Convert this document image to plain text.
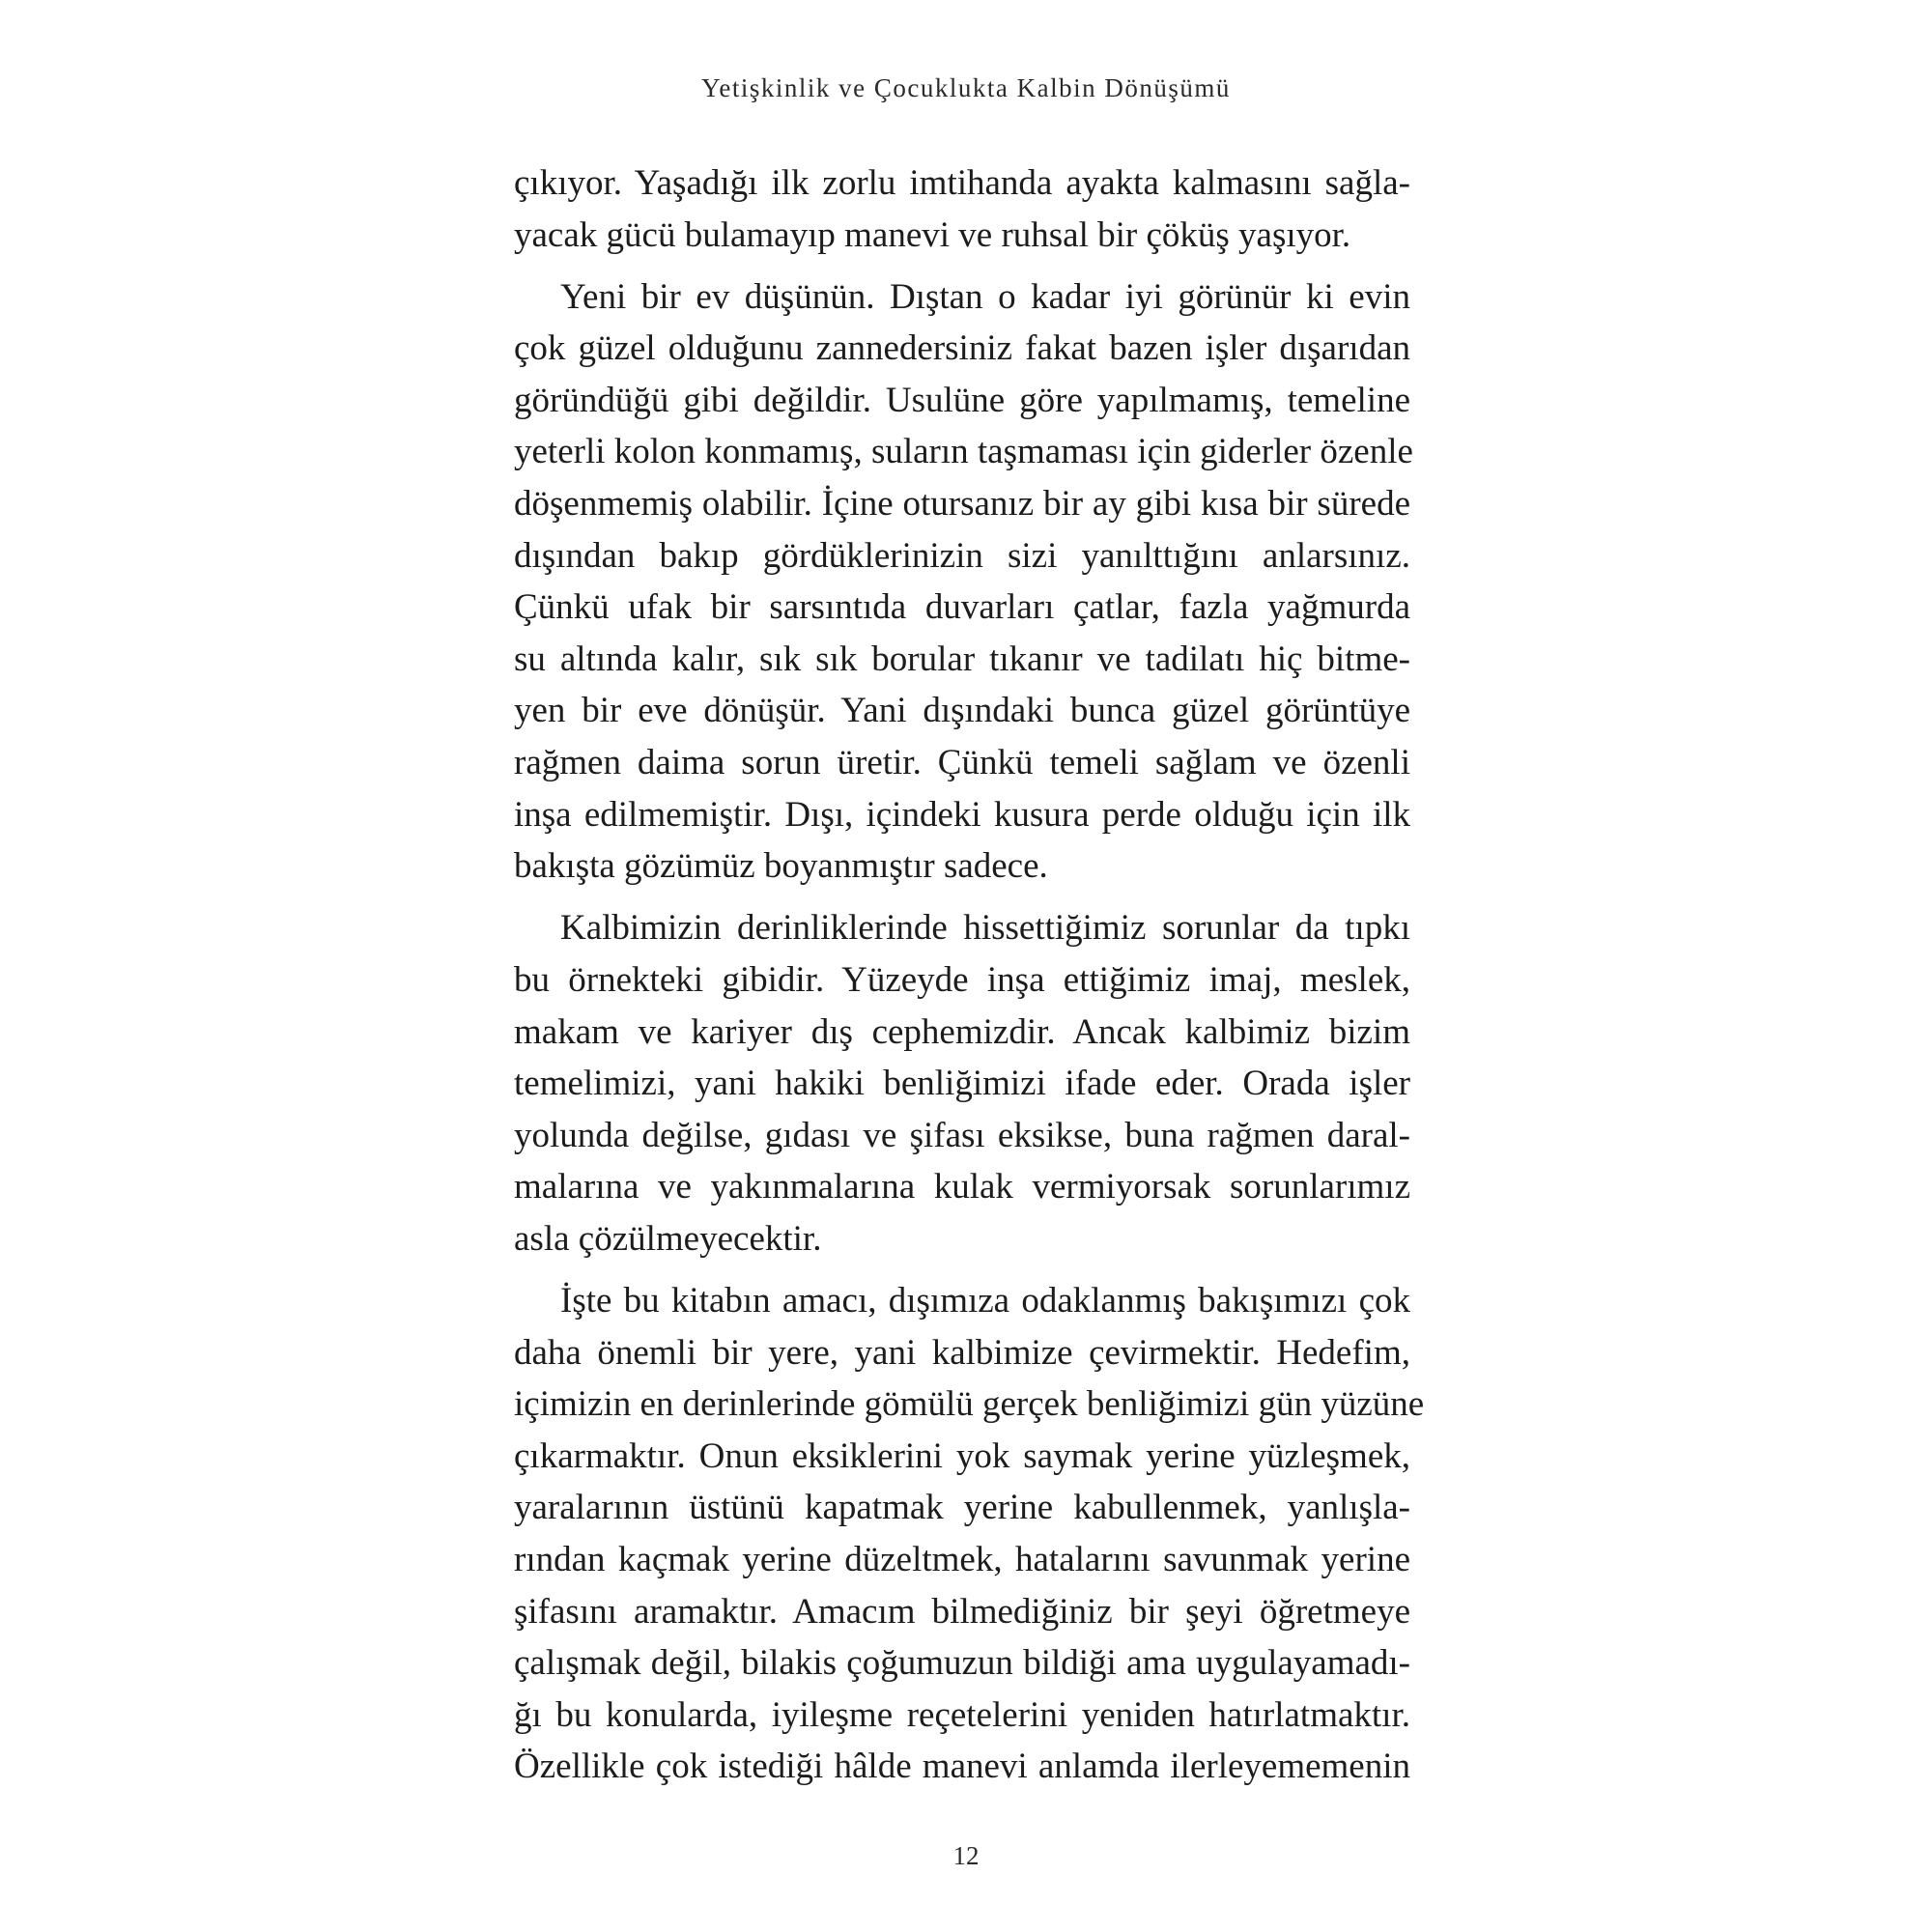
Yetişkinlik ve Çocuklukta Kalbin Dönüşümü
çıkıyor. Yaşadığı ilk zorlu imtihanda ayakta kalmasını sağla-
yacak gücü bulamayıp manevi ve ruhsal bir çöküş yaşıyor.
Yeni bir ev düşünün. Dıştan o kadar iyi görünür ki evin
çok güzel olduğunu zannedersiniz fakat bazen işler dışarıdan
göründüğü gibi değildir. Usulüne göre yapılmamış, temeline
yeterli kolon konmamış, suların taşmaması için giderler özenle
döşenmemiş olabilir. İçine otursanız bir ay gibi kısa bir sürede
dışından bakıp gördüklerinizin sizi yanılttığını anlarsınız.
Çünkü ufak bir sarsıntıda duvarları çatlar, fazla yağmurda
su altında kalır, sık sık borular tıkanır ve tadilatı hiç bitme-
yen bir eve dönüşür. Yani dışındaki bunca güzel görüntüye
rağmen daima sorun üretir. Çünkü temeli sağlam ve özenli
inşa edilmemiştir. Dışı, içindeki kusura perde olduğu için ilk
bakışta gözümüz boyanmıştır sadece.
Kalbimizin derinliklerinde hissettiğimiz sorunlar da tıpkı
bu örnekteki gibidir. Yüzeyde inşa ettiğimiz imaj, meslek,
makam ve kariyer dış cephemizdir. Ancak kalbimiz bizim
temelimizi, yani hakiki benliğimizi ifade eder. Orada işler
yolunda değilse, gıdası ve şifası eksikse, buna rağmen daral-
malarına ve yakınmalarına kulak vermiyorsak sorunlarımız
asla çözülmeyecektir.
İşte bu kitabın amacı, dışımıza odaklanmış bakışımızı çok
daha önemli bir yere, yani kalbimize çevirmektir. Hedefim,
içimizin en derinlerinde gömülü gerçek benliğimizi gün yüzüne
çıkarmaktır. Onun eksiklerini yok saymak yerine yüzleşmek,
yaralarının üstünü kapatmak yerine kabullenmek, yanlışla-
rından kaçmak yerine düzeltmek, hatalarını savunmak yerine
şifasını aramaktır. Amacım bilmediğiniz bir şeyi öğretmeye
çalışmak değil, bilakis çoğumuzun bildiği ama uygulayamadı-
ğı bu konularda, iyileşme reçetelerini yeniden hatırlatmaktır.
Özellikle çok istediği hâlde manevi anlamda ilerleyememenin
12
